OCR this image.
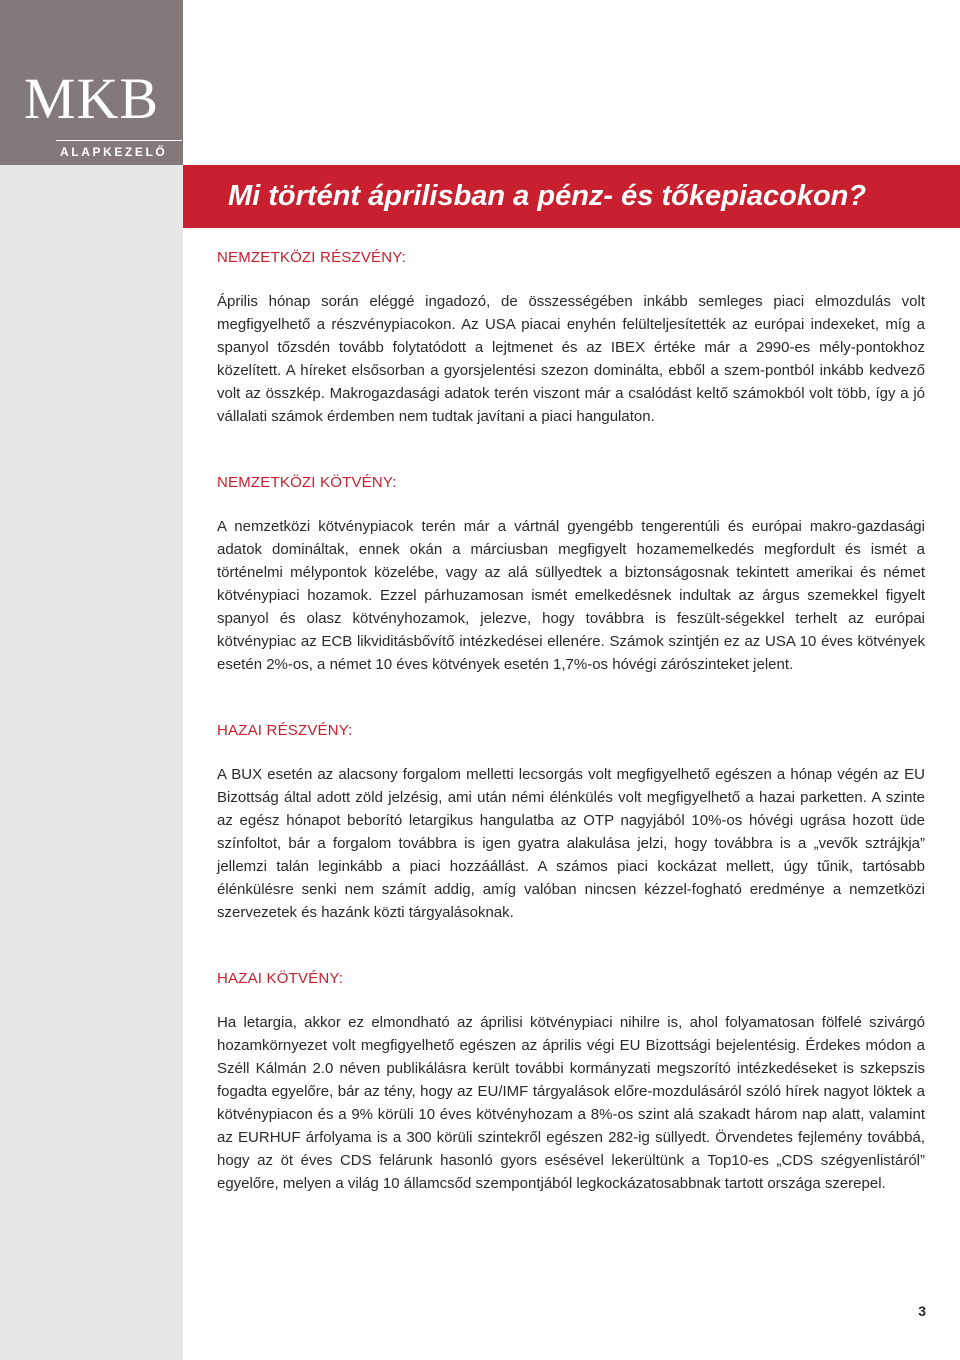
MKB
ALAPKEZELŐ
Mi történt áprilisban a pénz- és tőkepiacokon?
NEMZETKÖZI RÉSZVÉNY:

Április hónap során eléggé ingadozó, de összességében inkább semleges piaci elmozdulás volt megfigyelhető a részvénypiacokon. Az USA piacai enyhén felülteljesítették az európai indexeket, míg a spanyol tőzsdén tovább folytatódott a lejtmenet és az IBEX értéke már a 2990-es mély-pontokhoz közelített. A híreket elsősorban a gyorsjelentési szezon dominálta, ebből a szem-pontból inkább kedvező volt az összkép. Makrogazdasági adatok terén viszont már a csalódást keltő számokból volt több, így a jó vállalati számok érdemben nem tudtak javítani a piaci hangulaton.

NEMZETKÖZI KÖTVÉNY:

A nemzetközi kötvénypiacok terén már a vártnál gyengébb tengerentúli és európai makro-gazdasági adatok domináltak, ennek okán a márciusban megfigyelt hozamemelkedés megfordult és ismét a történelmi mélypontok közelébe, vagy az alá süllyedtek a biztonságosnak tekintett amerikai és német kötvénypiaci hozamok. Ezzel párhuzamosan ismét emelkedésnek indultak az árgus szemekkel figyelt spanyol és olasz kötvényhozamok, jelezve, hogy továbbra is feszült-ségekkel terhelt az európai kötvénypiac az ECB likviditásbővítő intézkedései ellenére. Számok szintjén ez az USA 10 éves kötvények esetén 2%-os, a német 10 éves kötvények esetén 1,7%-os hóvégi zárószinteket jelent.

HAZAI RÉSZVÉNY:

A BUX esetén az alacsony forgalom melletti lecsorgás volt megfigyelhető egészen a hónap végén az EU Bizottság által adott zöld jelzésig, ami után némi élénkülés volt megfigyelhető a hazai parketten. A szinte az egész hónapot beborító letargikus hangulatba az OTP nagyjából 10%-os hóvégi ugrása hozott üde színfoltot, bár a forgalom továbbra is igen gyatra alakulása jelzi, hogy továbbra is a „vevők sztrájkja” jellemzi talán leginkább a piaci hozzáállást. A számos piaci kockázat mellett, úgy tűnik, tartósabb élénkülésre senki nem számít addig, amíg valóban nincsen kézzel-fogható eredménye a nemzetközi szervezetek és hazánk közti tárgyalásoknak.

HAZAI KÖTVÉNY:

Ha letargia, akkor ez elmondható az áprilisi kötvénypiaci nihilre is, ahol folyamatosan fölfelé szivárgó hozamkörnyezet volt megfigyelhető egészen az április végi EU Bizottsági bejelentésig. Érdekes módon a Széll Kálmán 2.0 néven publikálásra került további kormányzati megszorító intézkedéseket is szkepszis fogadta egyelőre, bár az tény, hogy az EU/IMF tárgyalások előre-mozdulásáról szóló hírek nagyot löktek a kötvénypiacon és a 9% körüli 10 éves kötvényhozam a 8%-os szint alá szakadt három nap alatt, valamint az EURHUF árfolyama is a 300 körüli szintekről egészen 282-ig süllyedt. Örvendetes fejlemény továbbá, hogy az öt éves CDS felárunk hasonló gyors esésével lekerültünk a Top10-es „CDS szégyenlistáról” egyelőre, melyen a világ 10 államcsőd szempontjából legkockázatosabbnak tartott országa szerepel.

3
